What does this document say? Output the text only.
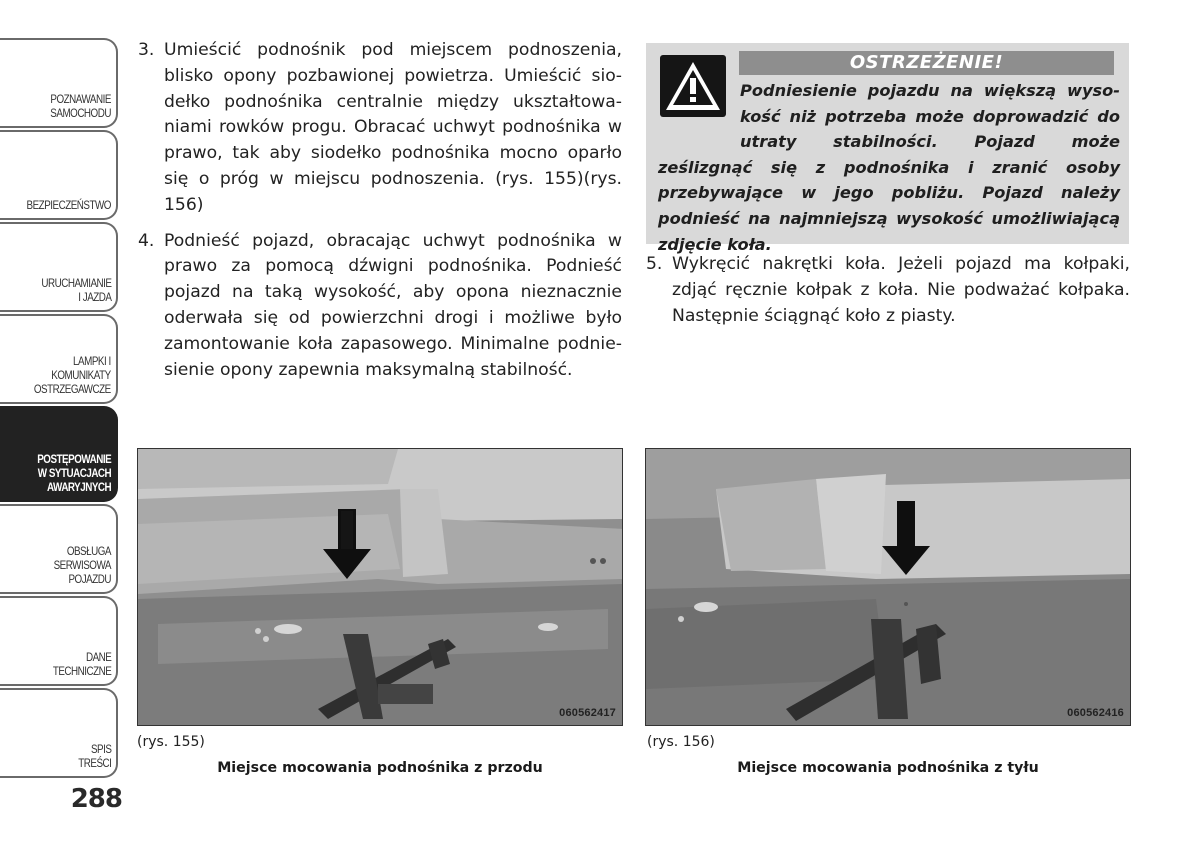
POZNAWANIE
SAMOCHODU
BEZPIECZEŃSTWO
URUCHAMIANIE
I JAZDA
LAMPKI I
KOMUNIKATY
OSTRZEGAWCZE
POSTĘPOWANIE
W SYTUACJACH
AWARYJNYCH
OBSŁUGA
SERWISOWA
POJAZDU
DANE
TECHNICZNE
SPIS
TREŚCI
288
3. Umieścić podnośnik pod miejscem podnoszenia, blisko opony pozbawionej powietrza. Umieścić siodełko podnośnika centralnie między ukształtowaniami rowków progu. Obracać uchwyt podnośnika w prawo, tak aby siodełko podnośnika mocno oparło się o próg w miejscu podnoszenia. (rys. 155)(rys. 156)
4. Podnieść pojazd, obracając uchwyt podnośnika w prawo za pomocą dźwigni podnośnika. Podnieść pojazd na taką wysokość, aby opona nieznacznie oderwała się od powierzchni drogi i możliwe było zamontowanie koła zapasowego. Minimalne podniesienie opony zapewnia maksymalną stabilność.
OSTRZEŻENIE!
Podniesienie pojazdu na większą wysokość niż potrzeba może doprowadzić do utraty stabilności. Pojazd może ześlizgnąć się z podnośnika i zranić osoby przebywające w jego pobliżu. Pojazd należy podnieść na najmniejszą wysokość umożliwiającą zdjęcie koła.
5. Wykręcić nakrętki koła. Jeżeli pojazd ma kołpaki, zdjąć ręcznie kołpak z koła. Nie podważać kołpaka. Następnie ściągnąć koło z piasty.
060562417
(rys. 155)
Miejsce mocowania podnośnika z przodu
060562416
(rys. 156)
Miejsce mocowania podnośnika z tyłu
